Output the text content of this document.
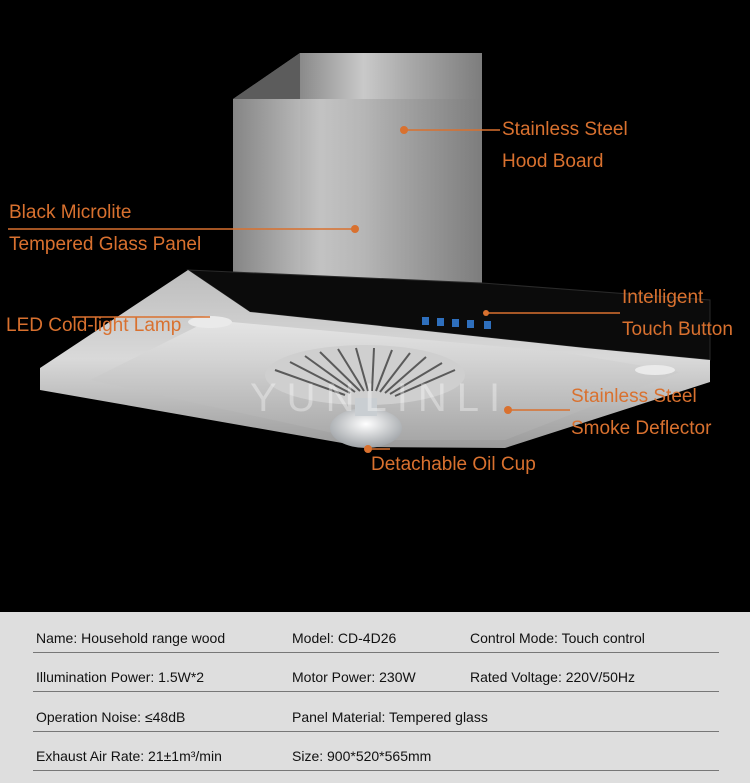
YUNLINLI
Stainless Steel
Hood Board
Black Microlite
Tempered Glass Panel
Intelligent
Touch Button
LED Cold-light Lamp
Stainless Steel
Smoke Deflector
Detachable Oil Cup
Name: Household range wood	Model: CD-4D26	Control Mode: Touch control
Illumination Power: 1.5W*2	Motor Power: 230W	Rated Voltage: 220V/50Hz
Operation Noise: ≤48dB	Panel Material: Tempered glass
Exhaust Air Rate: 21±1m³/min	Size: 900*520*565mm
